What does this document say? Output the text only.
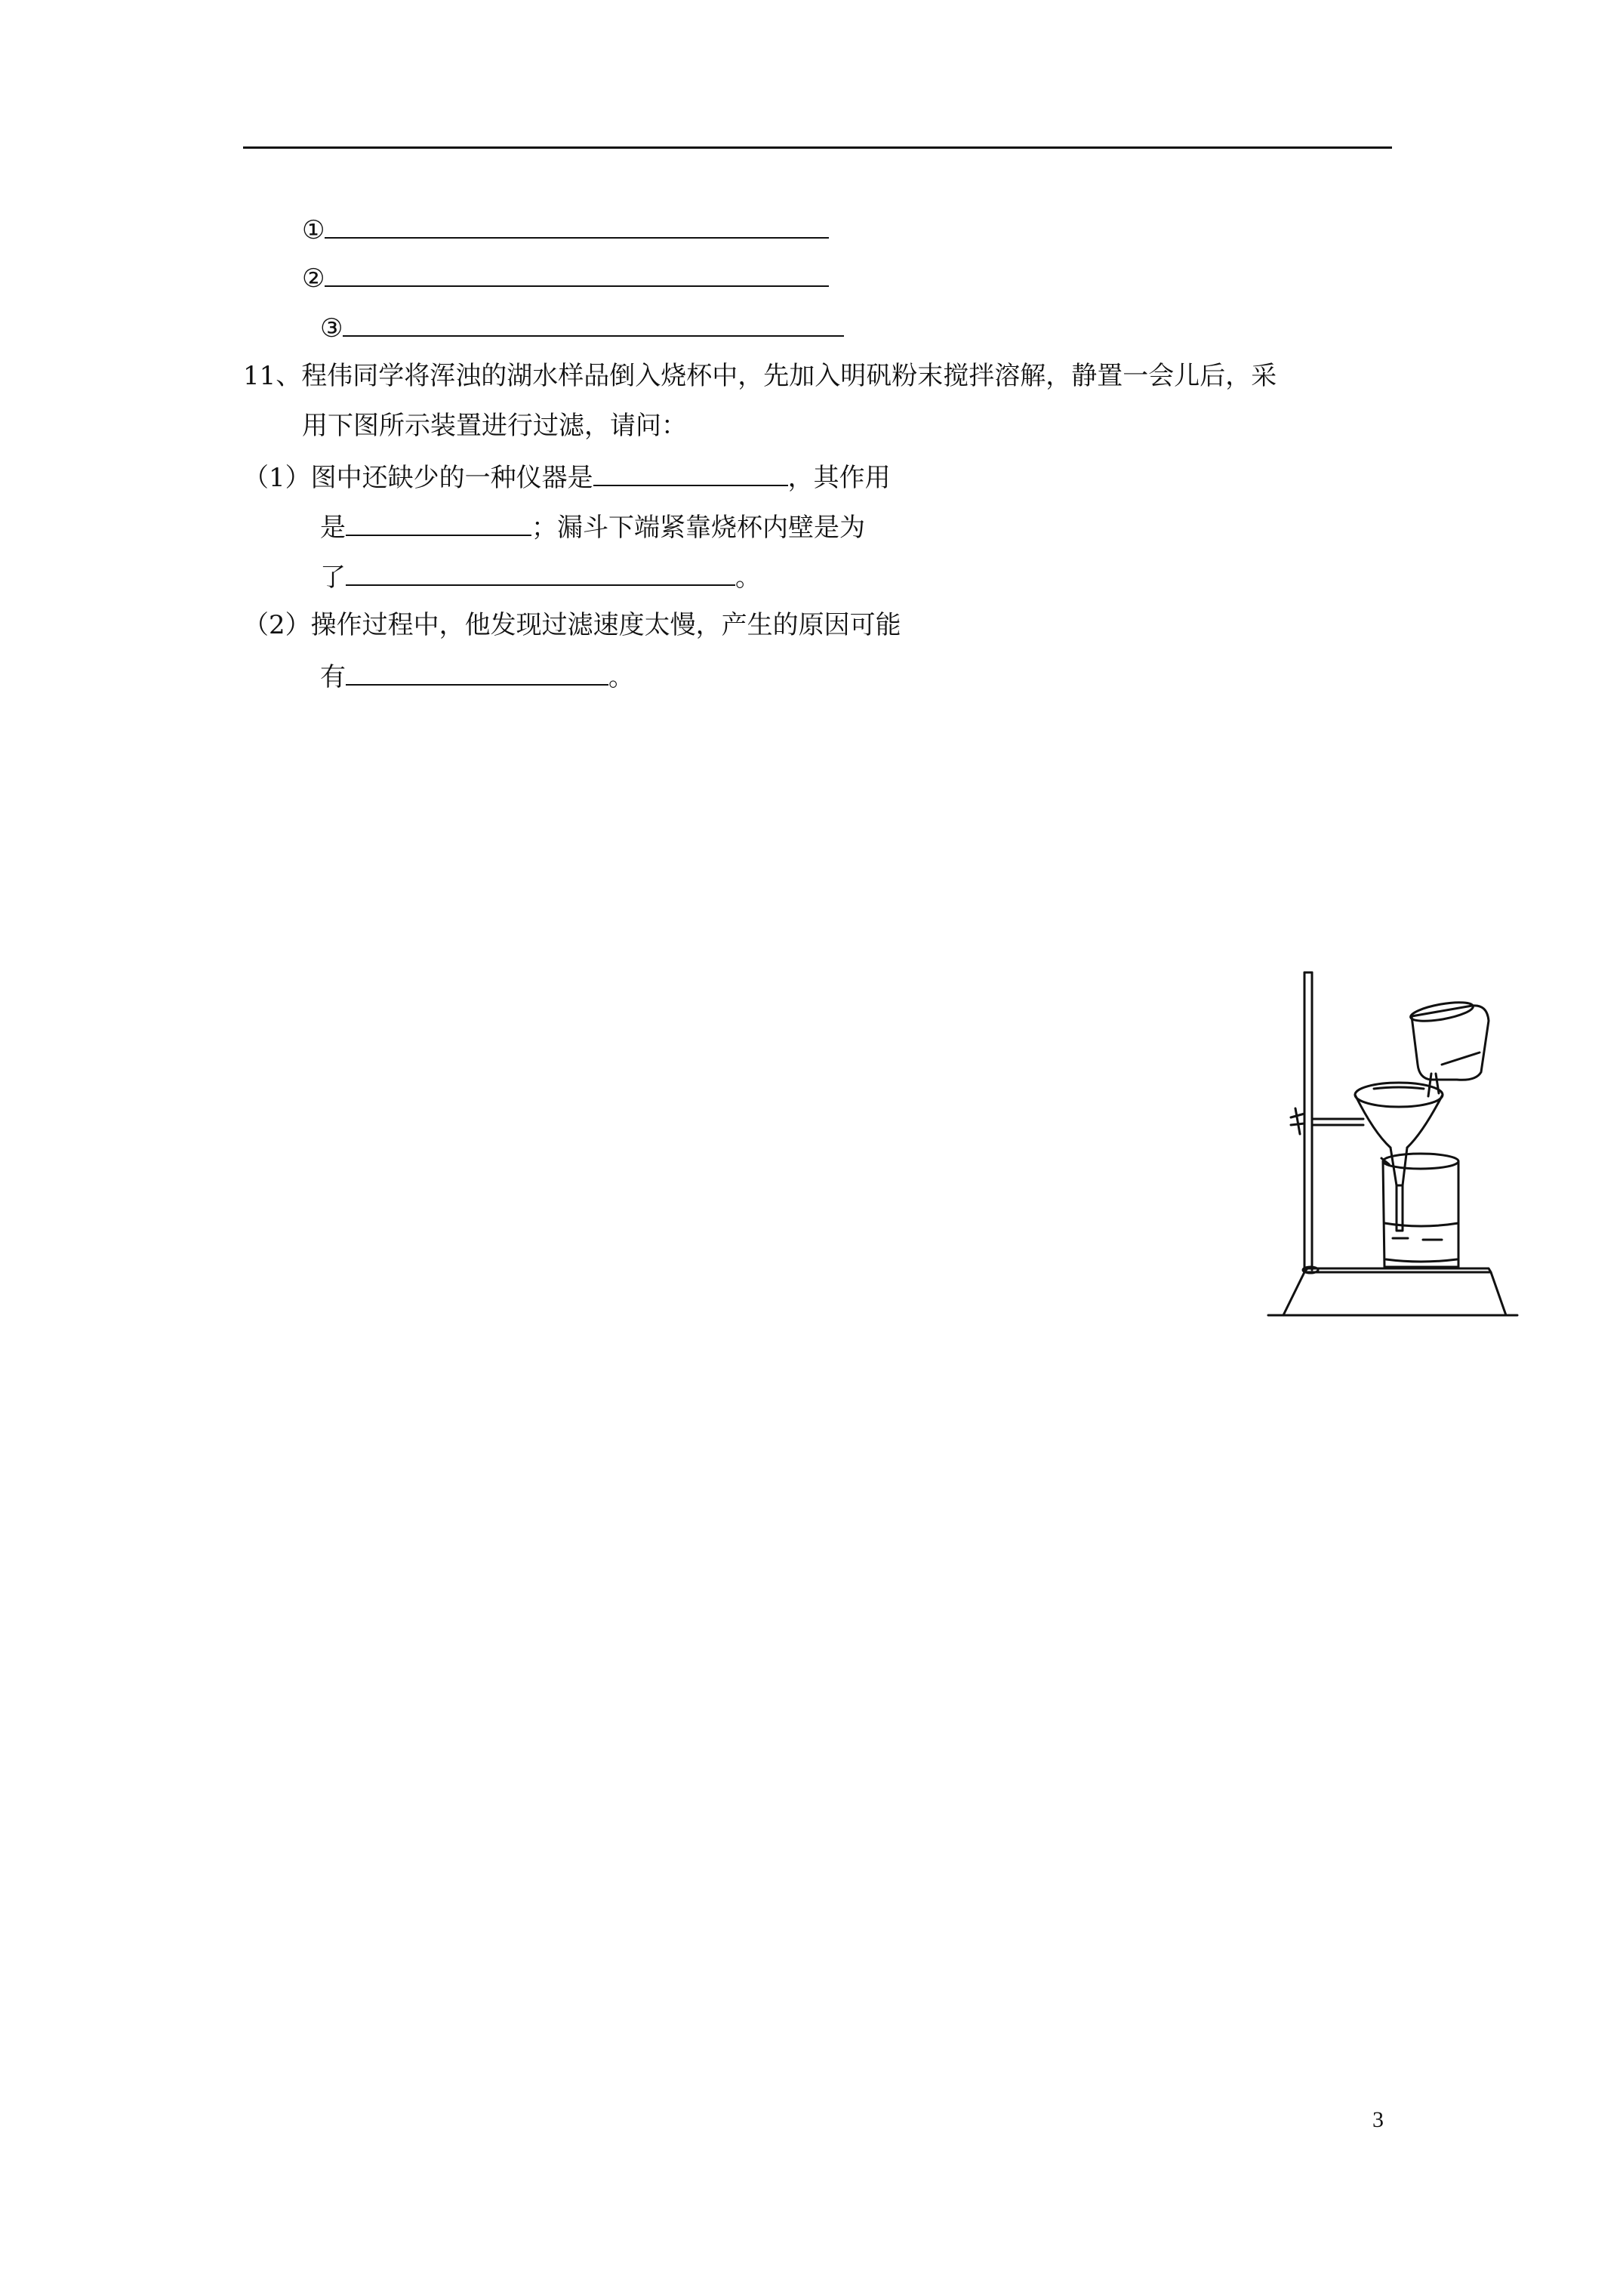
①
②
③
11、程伟同学将浑浊的湖水样品倒入烧杯中，先加入明矾粉末搅拌溶解，静置一会儿后，采
用下图所示装置进行过滤，请问：
（1）图中还缺少的一种仪器是	，其作用
是	；漏斗下端紧靠烧杯内壁是为
了	。
（2）操作过程中，他发现过滤速度太慢，产生的原因可能
有	。
3
